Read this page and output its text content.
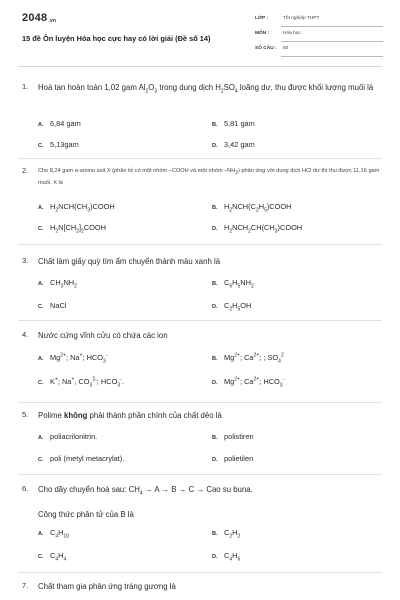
$2048_{.vn}$
15 đề Ôn luyện Hóa học cực hay có lời giải (Đề số 14)
LỚP :	Tốt nghiệp THPT
MÔN :	Hóa học
SỐ CÂU : 50
1. Hoà tan hoàn toàn 1,02 gam $Al_2O_3$ trong dung dịch $H_2SO_4$ loãng dư, thu được khối lượng muối là
A. 6,84 gam	B. 5,81 gam
C. 5,13gam	D. 3,42 gam
2. Cho 8,24 gam α-amino axit X (phân tử có một nhóm –COOH và một nhóm $-NH_2$) phản ứng với dung dịch HCl dư thì thu được 11,16 gam muối. X là
A. $H_2NCH(CH_3)COOH$	B. $H_2NCH(C_2H_5)COOH$
C. $H_2N[CH_2]_2COOH$	D. $H_2NCH_2CH(CH_3)COOH$
3. Chất làm giấy quỳ tím ẩm chuyển thành màu xanh là
A. $CH_3NH_2$	B. $C_6H_5NH_2$
C. NaCl	D. $C_2H_5OH$
4. Nước cứng vĩnh cửu có chứa các ion
A. $Mg^{2+}$; Na+; $HCO_3^-$
B. $Mg^{2+}$; $Ca^{2+}$; ; $SO_4^2$
C. K+; Na+, $CO_3^{2-}$; $HCO_3^-$.	D. $Mg^{2+}$; $Ca^{2+}$; $HCO_3^-$
5. Polime không phải thành phần chính của chất dẻo là
A. poliacrilonitrin.	B. polistiren
C. poli (metyl metacrylat).	D. polietilen
6. Cho dãy chuyển hoá sau: $CH_4 \to A \to B \to C$ → Cao su buna.
Công thức phân tử của B là
A. $C_4H_{10}$	B. $C_2H_2$
C. $C_4H_4$	D. $C_4H_6$
7. Chất tham gia phản ứng tráng gương là
